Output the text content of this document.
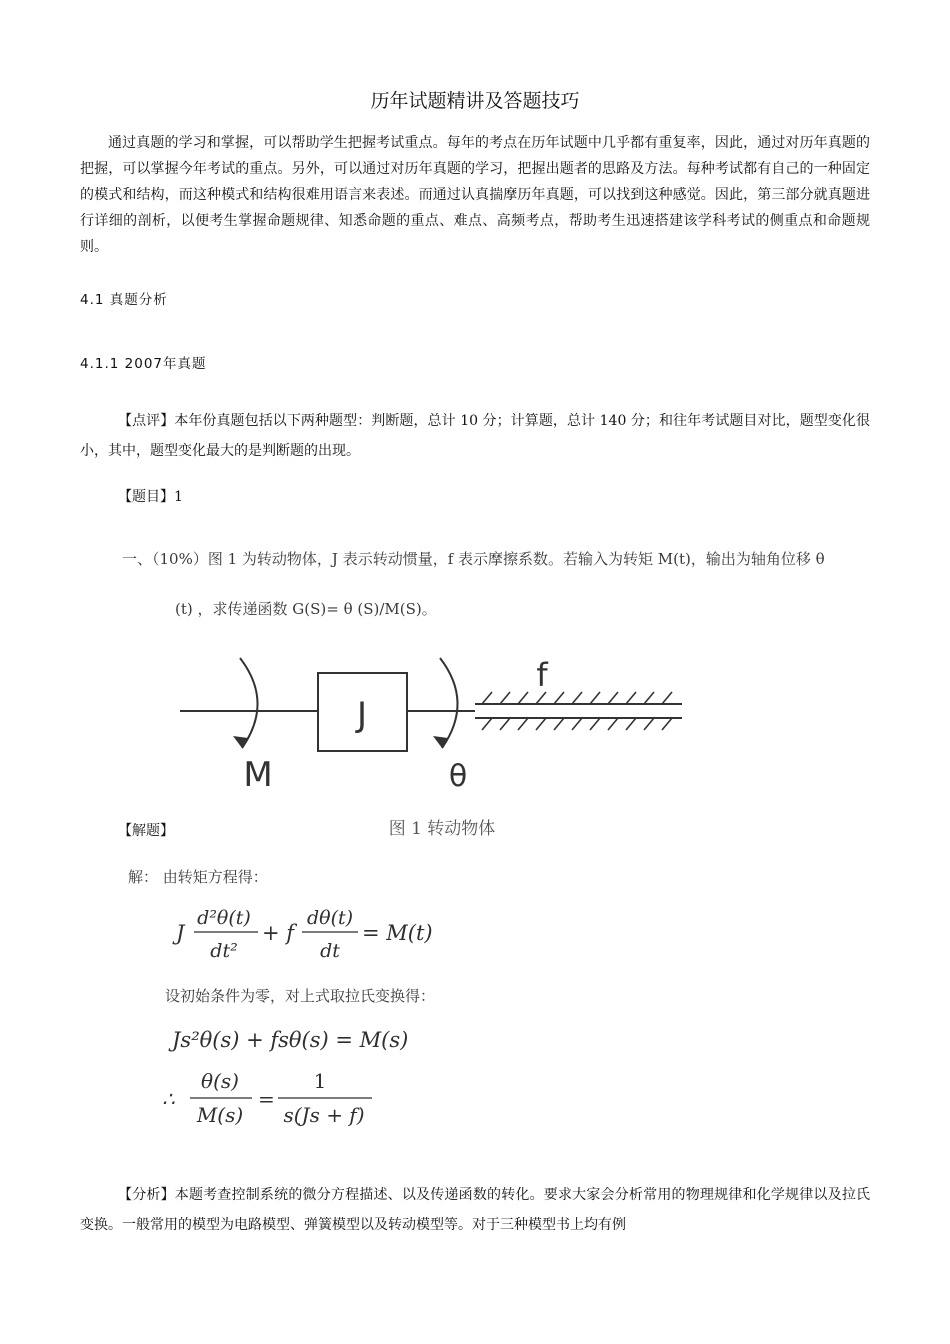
历年试题精讲及答题技巧
通过真题的学习和掌握，可以帮助学生把握考试重点。每年的考点在历年试题中几乎都有重复率，因此，通过对历年真题的把握，可以掌握今年考试的重点。另外，可以通过对历年真题的学习，把握出题者的思路及方法。每种考试都有自己的一种固定的模式和结构，而这种模式和结构很难用语言来表述。而通过认真揣摩历年真题，可以找到这种感觉。因此，第三部分就真题进行详细的剖析，以便考生掌握命题规律、知悉命题的重点、难点、高频考点，帮助考生迅速搭建该学科考试的侧重点和命题规则。
4.1 真题分析
4.1.1 2007年真题
【点评】本年份真题包括以下两种题型：判断题，总计 10 分；计算题，总计 140 分；和往年考试题目对比，题型变化很小，其中，题型变化最大的是判断题的出现。
【题目】1
一、（10%）图 1 为转动物体，J 表示转动惯量，f 表示摩擦系数。若输入为转矩 M(t)，输出为轴角位移 θ
(t) ，求传递函数 G(S)= θ (S)/M(S)。
J
M	θ
f
图 1 转动物体
【解题】
解： 由转矩方程得：
J
d²θ(t)
dt²
+ f
dθ(t)
dt
= M(t)
设初始条件为零，对上式取拉氏变换得：
Js²θ(s) + fsθ(s) = M(s)
∴
θ(s)
M(s)
=
1
s(Js + f)
【分析】本题考查控制系统的微分方程描述、以及传递函数的转化。要求大家会分析常用的物理规律和化学规律以及拉氏变换。一般常用的模型为电路模型、弹簧模型以及转动模型等。对于三种模型书上均有例
